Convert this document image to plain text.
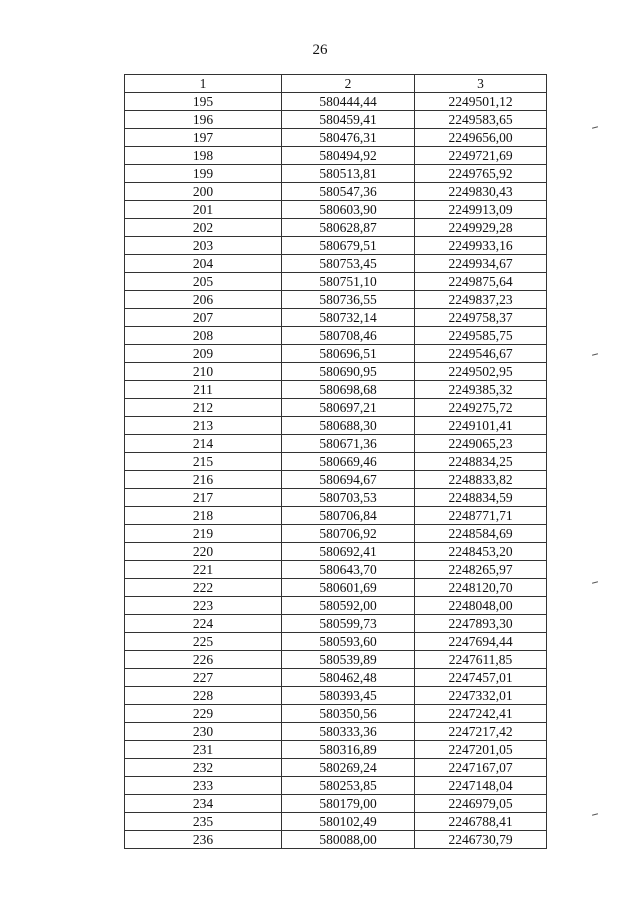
26
1	2	3
195	580444,44	2249501,12
196	580459,41	2249583,65
197	580476,31	2249656,00
198	580494,92	2249721,69
199	580513,81	2249765,92
200	580547,36	2249830,43
201	580603,90	2249913,09
202	580628,87	2249929,28
203	580679,51	2249933,16
204	580753,45	2249934,67
205	580751,10	2249875,64
206	580736,55	2249837,23
207	580732,14	2249758,37
208	580708,46	2249585,75
209	580696,51	2249546,67
210	580690,95	2249502,95
211	580698,68	2249385,32
212	580697,21	2249275,72
213	580688,30	2249101,41
214	580671,36	2249065,23
215	580669,46	2248834,25
216	580694,67	2248833,82
217	580703,53	2248834,59
218	580706,84	2248771,71
219	580706,92	2248584,69
220	580692,41	2248453,20
221	580643,70	2248265,97
222	580601,69	2248120,70
223	580592,00	2248048,00
224	580599,73	2247893,30
225	580593,60	2247694,44
226	580539,89	2247611,85
227	580462,48	2247457,01
228	580393,45	2247332,01
229	580350,56	2247242,41
230	580333,36	2247217,42
231	580316,89	2247201,05
232	580269,24	2247167,07
233	580253,85	2247148,04
234	580179,00	2246979,05
235	580102,49	2246788,41
236	580088,00	2246730,79
